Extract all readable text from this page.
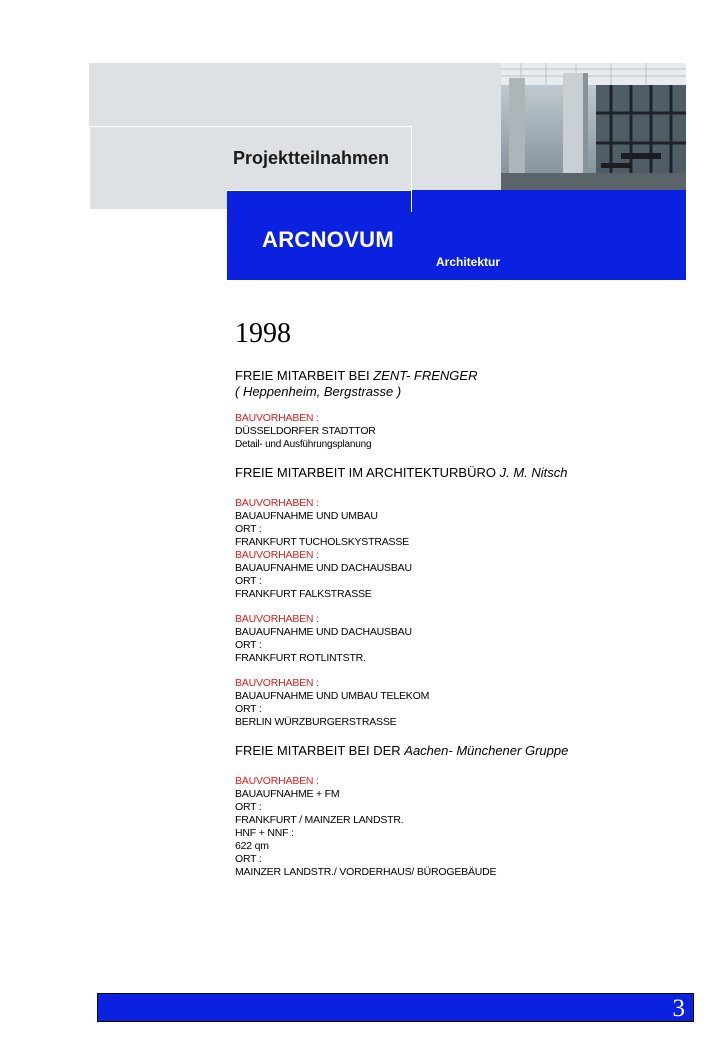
Projektteilnahmen
ARCNOVUM
Architektur
1998
FREIE MITARBEIT BEI ZENT- FRENGER
( Heppenheim, Bergstrasse )
BAUVORHABEN :
DÜSSELDORFER STADTTOR
Detail- und Ausführungsplanung
FREIE MITARBEIT IM ARCHITEKTURBÜRO J. M. Nitsch
BAUVORHABEN :
BAUAUFNAHME UND UMBAU
ORT :
FRANKFURT TUCHOLSKYSTRASSE
BAUVORHABEN :
BAUAUFNAHME UND DACHAUSBAU
ORT :
FRANKFURT FALKSTRASSE
BAUVORHABEN :
BAUAUFNAHME UND DACHAUSBAU
ORT :
FRANKFURT ROTLINTSTR.
BAUVORHABEN :
BAUAUFNAHME UND UMBAU TELEKOM
ORT :
BERLIN WÜRZBURGERSTRASSE
FREIE MITARBEIT BEI DER Aachen- Münchener Gruppe
BAUVORHABEN :
BAUAUFNAHME + FM
ORT :
FRANKFURT / MAINZER LANDSTR.
HNF + NNF :
622 qm
ORT :
MAINZER LANDSTR./ VORDERHAUS/ BÜROGEBÄUDE
3
